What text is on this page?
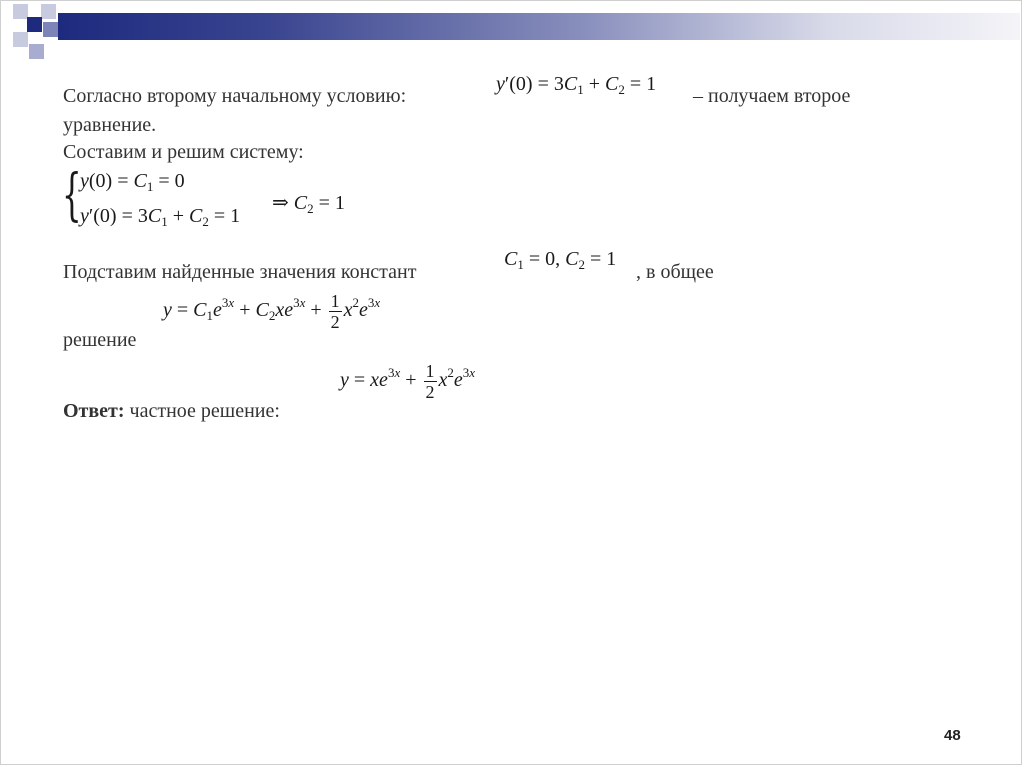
Согласно второму начальному условию:
$y'(0) = 3C_1 + C_2 = 1$
– получаем второе
уравнение.
Составим и решим систему:
{
$y(0) = C_1 = 0$
$y'(0) = 3C_1 + C_2 = 1$
⇒ $C_2 = 1$
Подставим найденные значения констант
$C_1 = 0$, $C_2 = 1$
, в общее
$y = C_1e^{3x} + C_2xe^{3x} + \frac{1}{2} x^2e^{3x}$
решение
$y = xe^{3x} + \frac{1}{2} x^2e^{3x}$
Ответ: частное решение:
48
